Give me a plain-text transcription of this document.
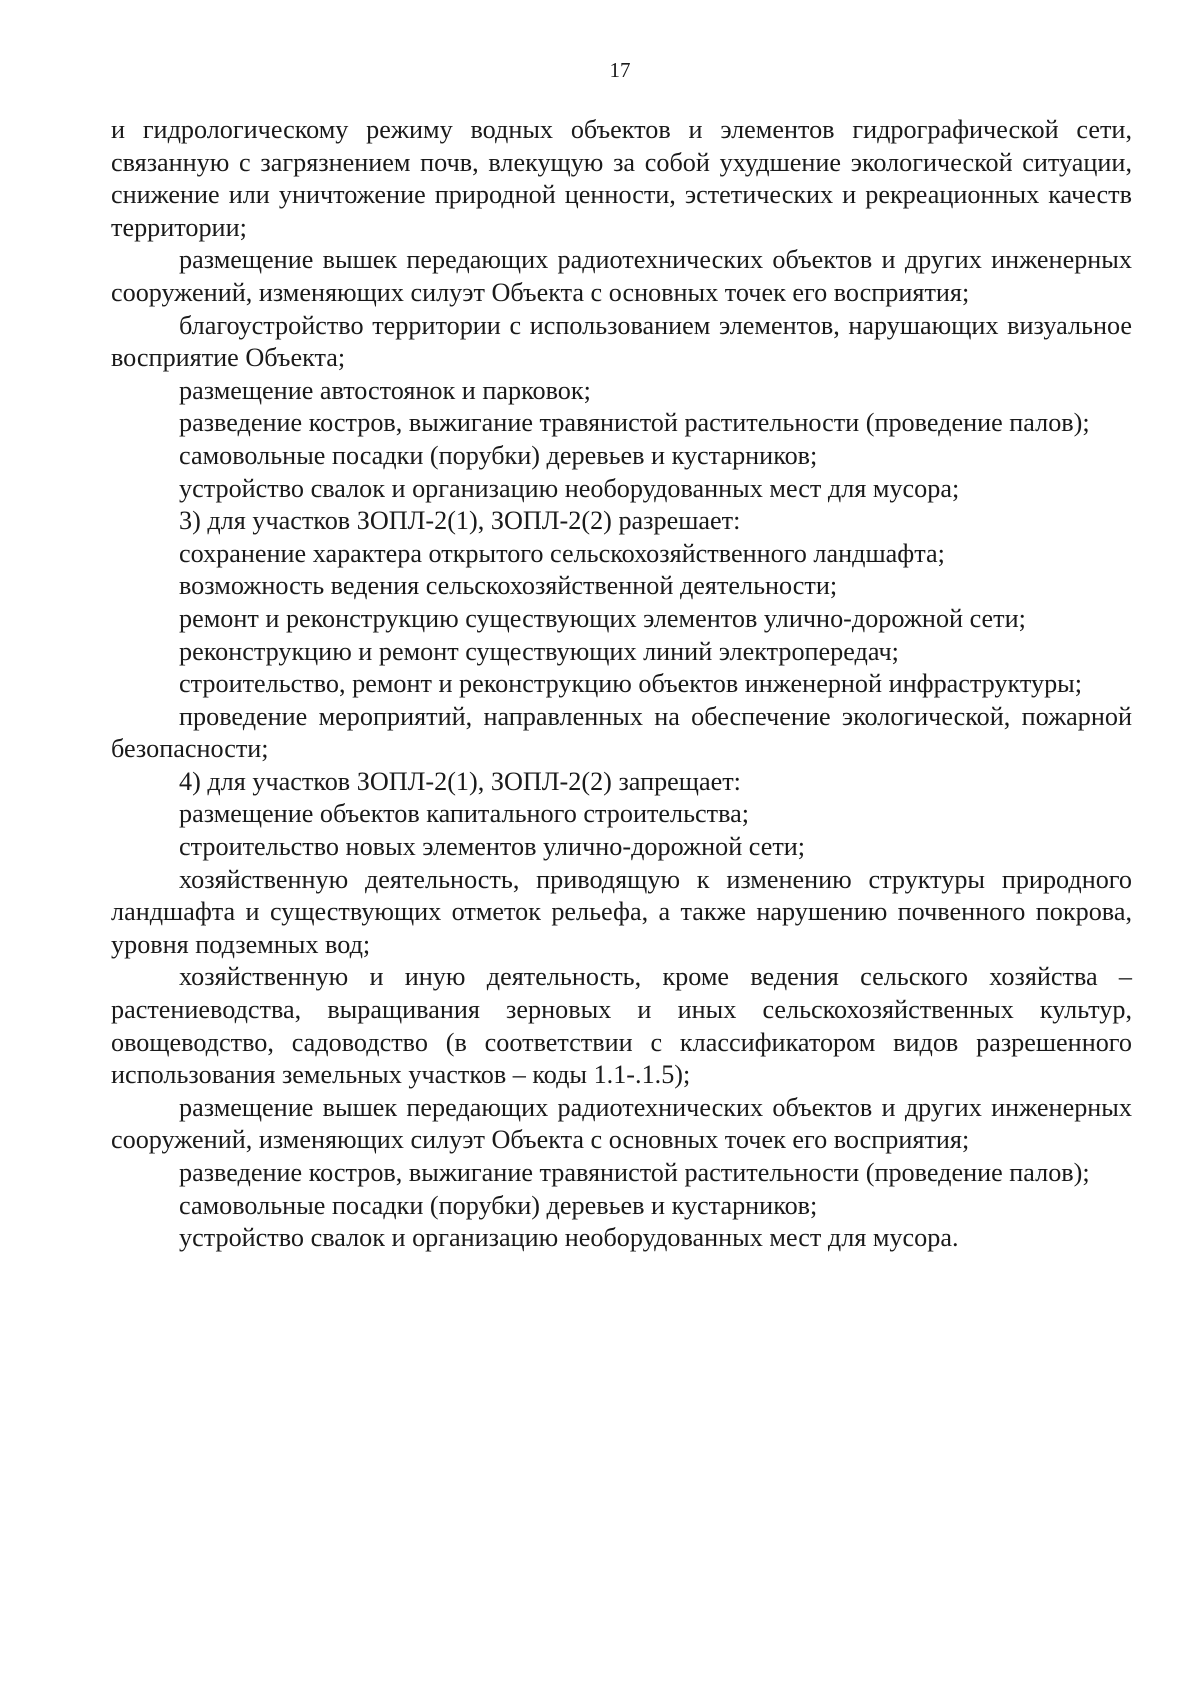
17

и гидрологическому режиму водных объектов и элементов гидрографической сети, связанную с загрязнением почв, влекущую за собой ухудшение экологической ситуации, снижение или уничтожение природной ценности, эстетических и рекреационных качеств территории;

размещение вышек передающих радиотехнических объектов и других инженерных сооружений, изменяющих силуэт Объекта с основных точек его восприятия;

благоустройство территории с использованием элементов, нарушающих визуальное восприятие Объекта;

размещение автостоянок и парковок;

разведение костров, выжигание травянистой растительности (проведение палов);

самовольные посадки (порубки) деревьев и кустарников;

устройство свалок и организацию необорудованных мест для мусора;

3) для участков ЗОПЛ-2(1), ЗОПЛ-2(2) разрешает:

сохранение характера открытого сельскохозяйственного ландшафта;

возможность ведения сельскохозяйственной деятельности;

ремонт и реконструкцию существующих элементов улично-дорожной сети;

реконструкцию и ремонт существующих линий электропередач;

строительство, ремонт и реконструкцию объектов инженерной инфраструктуры;

проведение мероприятий, направленных на обеспечение экологической, пожарной безопасности;

4) для участков ЗОПЛ-2(1), ЗОПЛ-2(2) запрещает:

размещение объектов капитального строительства;

строительство новых элементов улично-дорожной сети;

хозяйственную деятельность, приводящую к изменению структуры природного ландшафта и существующих отметок рельефа, а также нарушению почвенного покрова, уровня подземных вод;

хозяйственную и иную деятельность, кроме ведения сельского хозяйства – растениеводства, выращивания зерновых и иных сельскохозяйственных культур, овощеводство, садоводство (в соответствии с классификатором видов разрешенного использования земельных участков – коды 1.1-.1.5);

размещение вышек передающих радиотехнических объектов и других инженерных сооружений, изменяющих силуэт Объекта с основных точек его восприятия;

разведение костров, выжигание травянистой растительности (проведение палов);

самовольные посадки (порубки) деревьев и кустарников;

устройство свалок и организацию необорудованных мест для мусора.
